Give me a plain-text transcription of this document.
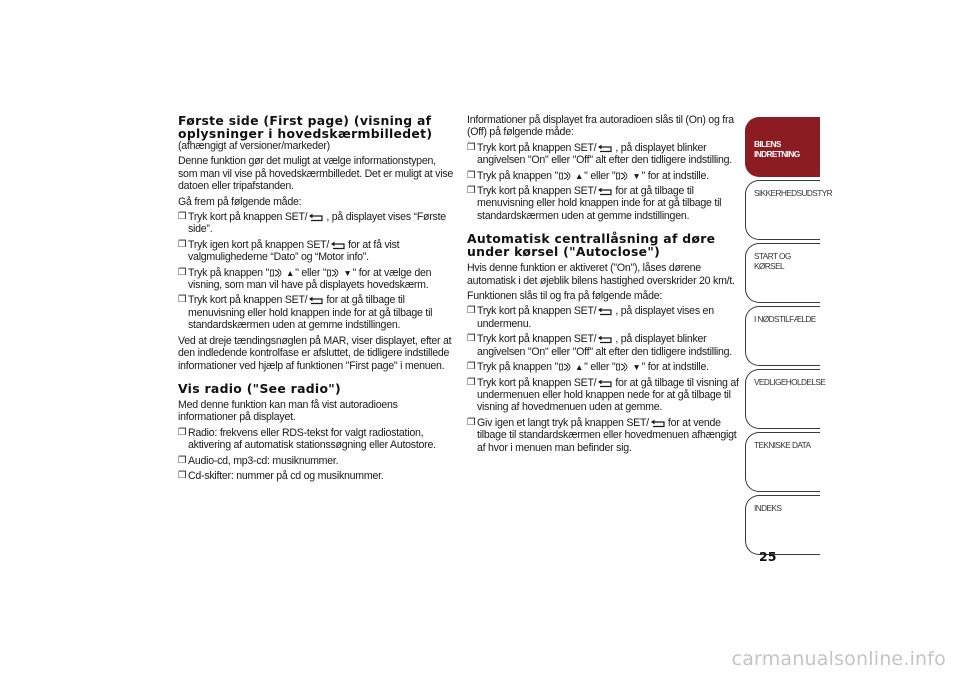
Første side (First page) (visning af oplysninger i hovedskærmbilledet)
(afhængigt af versioner/markeder)

Denne funktion gør det muligt at vælge informationstypen, som man vil vise på hovedskærmbilledet. Det er muligt at vise datoen eller tripafstanden.

Gå frem på følgende måde:

❒ Tryk kort på knappen SET/ , på displayet vises “Første side”.
❒ Tryk igen kort på knappen SET/ for at få vist valgmulighederne “Dato” og “Motor info”.
❒ Tryk på knappen " ▲" eller " ▼" for at vælge den visning, som man vil have på displayets hovedskærm.
❒ Tryk kort på knappen SET/ for at gå tilbage til menuvisning eller hold knappen inde for at gå tilbage til standardskærmen uden at gemme indstillingen.

Ved at dreje tændingsnøglen på MAR, viser displayet, efter at den indledende kontrolfase er afsluttet, de tidligere indstillede informationer ved hjælp af funktionen "First page" i menuen.

Vis radio ("See radio")

Med denne funktion kan man få vist autoradioens informationer på displayet.

❒ Radio: frekvens eller RDS-tekst for valgt radiostation, aktivering af automatisk stationssøgning eller Autostore.
❒ Audio-cd, mp3-cd: musiknummer.
❒ Cd-skifter: nummer på cd og musiknummer.

Informationer på displayet fra autoradioen slås til (On) og fra (Off) på følgende måde:

❒ Tryk kort på knappen SET/ , på displayet blinker angivelsen "On" eller "Off" alt efter den tidligere indstilling.
❒ Tryk på knappen " ▲" eller " ▼" for at indstille.
❒ Tryk kort på knappen SET/ for at gå tilbage til menuvisning eller hold knappen inde for at gå tilbage til standardskærmen uden at gemme indstillingen.
Automatisk centrallåsning af døre under kørsel ("Autoclose")

Hvis denne funktion er aktiveret ("On"), låses dørene automatisk i det øjeblik bilens hastighed overskrider 20 km/t.

Funktionen slås til og fra på følgende måde:

❒ Tryk kort på knappen SET/ , på displayet vises en undermenu.
❒ Tryk kort på knappen SET/ , på displayet blinker angivelsen "On" eller "Off" alt efter den tidligere indstilling.
❒ Tryk på knappen " ▲" eller " ▼" for at indstille.
❒ Tryk kort på knappen SET/ for at gå tilbage til visning af undermenuen eller hold knappen nede for at gå tilbage til visning af hovedmenuen uden at gemme.
❒ Giv igen et langt tryk på knappen SET/ for at vende tilbage til standardskærmen eller hovedmenuen afhængigt af hvor i menuen man befinder sig.
BILENS INDRETNING
SIKKERHEDSUDSTYR
START OG KØRSEL
I NØDSTILFÆLDE
VEDLIGEHOLDELSE
TEKNISKE DATA
INDEKS
25
carmanualsonline.info
